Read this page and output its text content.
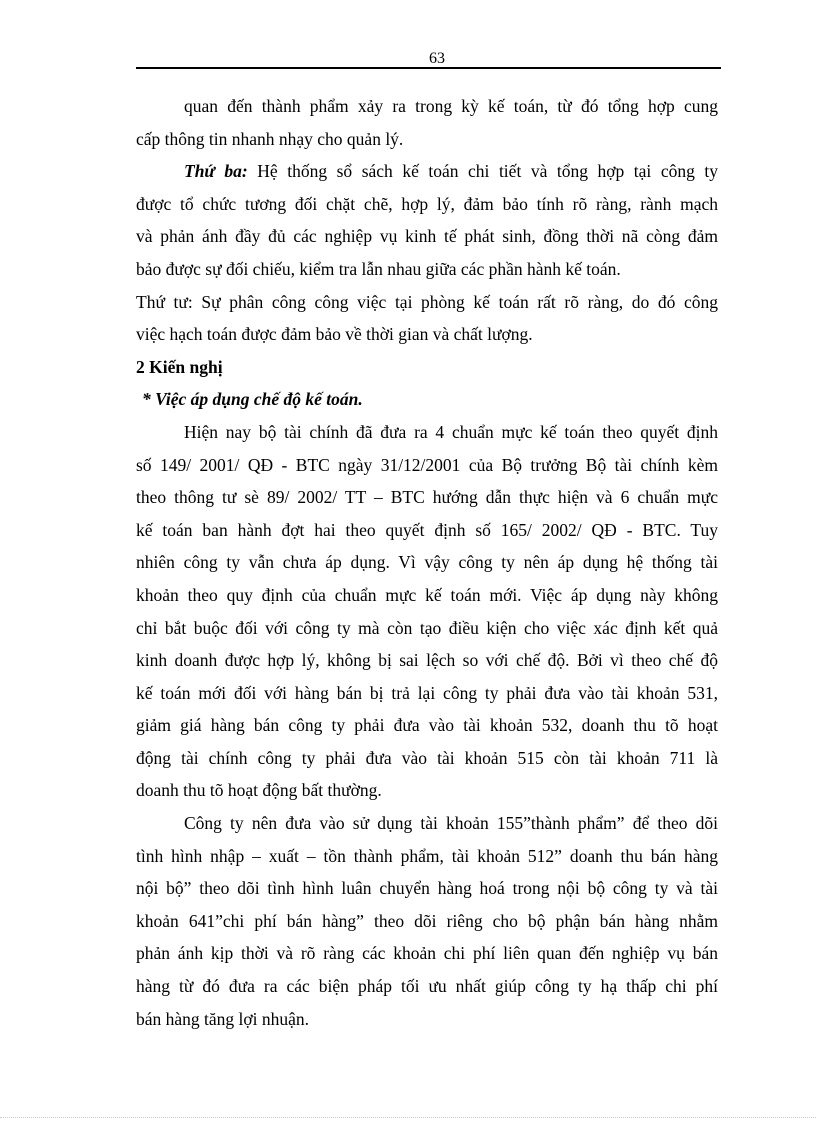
63
quan đến thành phẩm xảy ra trong kỳ kế toán, từ đó tổng hợp cung
cấp thông tin nhanh nhạy cho quản lý.
Thứ ba: Hệ thống sổ sách kế toán chi tiết và tổng hợp tại công ty
được tổ chức tương đối chặt chẽ, hợp lý, đảm bảo tính rõ ràng, rành mạch
và phản ánh đầy đủ các nghiệp vụ kinh tế phát sinh, đồng thời nã còng đảm
bảo được sự đối chiếu, kiểm tra lẫn nhau giữa các phần hành kế toán.
Thứ tư: Sự phân công công việc tại phòng kế toán rất rõ ràng, do đó công
việc hạch toán được đảm bảo về thời gian và chất lượng.
2 Kiến nghị
* Việc áp dụng chế độ kế toán.
Hiện nay bộ tài chính đã đưa ra 4 chuẩn mực kế toán theo quyết định
số 149/ 2001/ QĐ - BTC ngày 31/12/2001 của Bộ trưởng Bộ tài chính kèm
theo thông tư sè 89/ 2002/ TT – BTC hướng dẫn thực hiện và 6 chuẩn mực
kế toán ban hành đợt hai theo quyết định số 165/ 2002/ QĐ - BTC. Tuy
nhiên công ty vẫn chưa áp dụng. Vì vậy công ty nên áp dụng hệ thống tài
khoản theo quy định của chuẩn mực kế toán mới. Việc áp dụng này không
chỉ bắt buộc đối với công ty mà còn tạo điều kiện cho việc xác định kết quả
kinh doanh được hợp lý, không bị sai lệch so với chế độ. Bởi vì theo chế độ
kế toán mới đối với hàng bán bị trả lại công ty phải đưa vào tài khoản 531,
giảm giá hàng bán công ty phải đưa vào tài khoản 532, doanh thu tõ hoạt
động tài chính công ty phải đưa vào tài khoản 515 còn tài khoản 711 là
doanh thu tõ hoạt động bất thường.
Công ty nên đưa vào sử dụng tài khoản 155”thành phẩm” để theo dõi
tình hình nhập – xuất – tồn thành phẩm, tài khoản 512” doanh thu bán hàng
nội bộ” theo dõi tình hình luân chuyển hàng hoá trong nội bộ công ty và tài
khoản 641”chi phí bán hàng” theo dõi riêng cho bộ phận bán hàng nhằm
phản ánh kịp thời và rõ ràng các khoản chi phí liên quan đến nghiệp vụ bán
hàng từ đó đưa ra các biện pháp tối ưu nhất giúp công ty hạ thấp chi phí
bán hàng tăng lợi nhuận.
